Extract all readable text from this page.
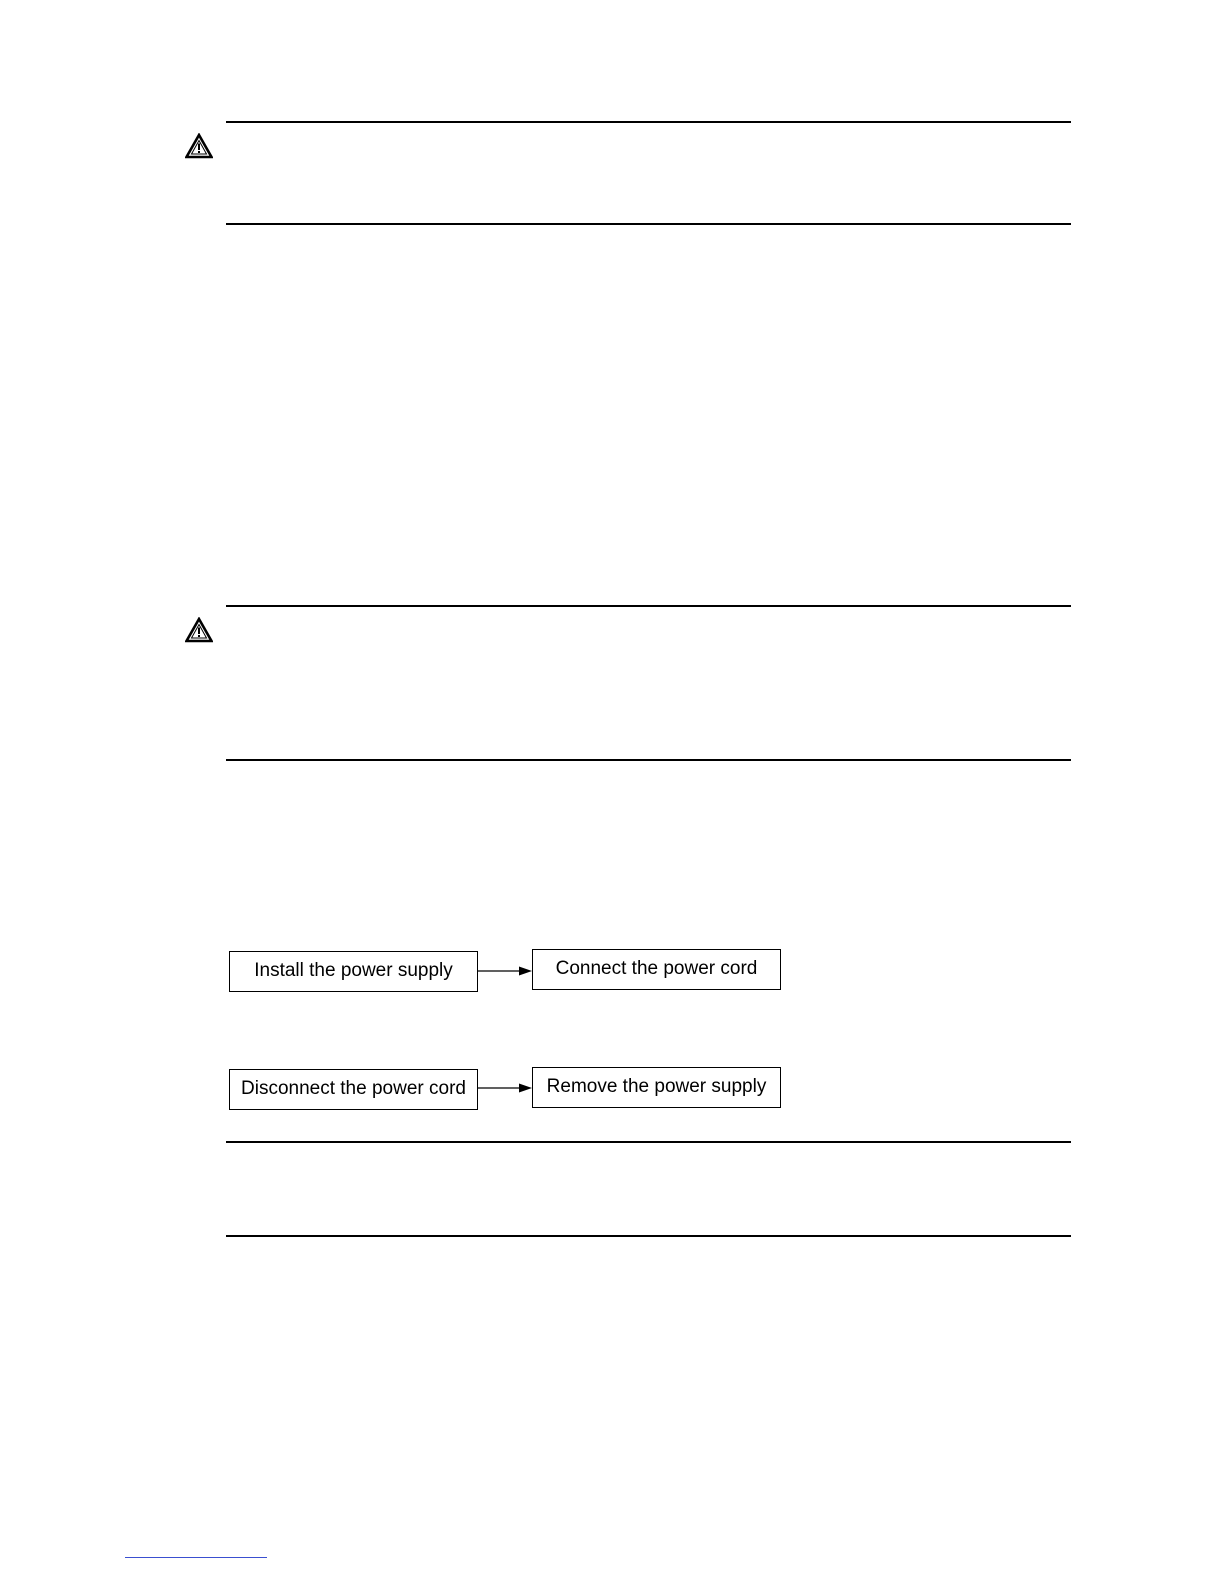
Install the power supply	Connect the power cord
Disconnect the power cord	Remove the power supply
